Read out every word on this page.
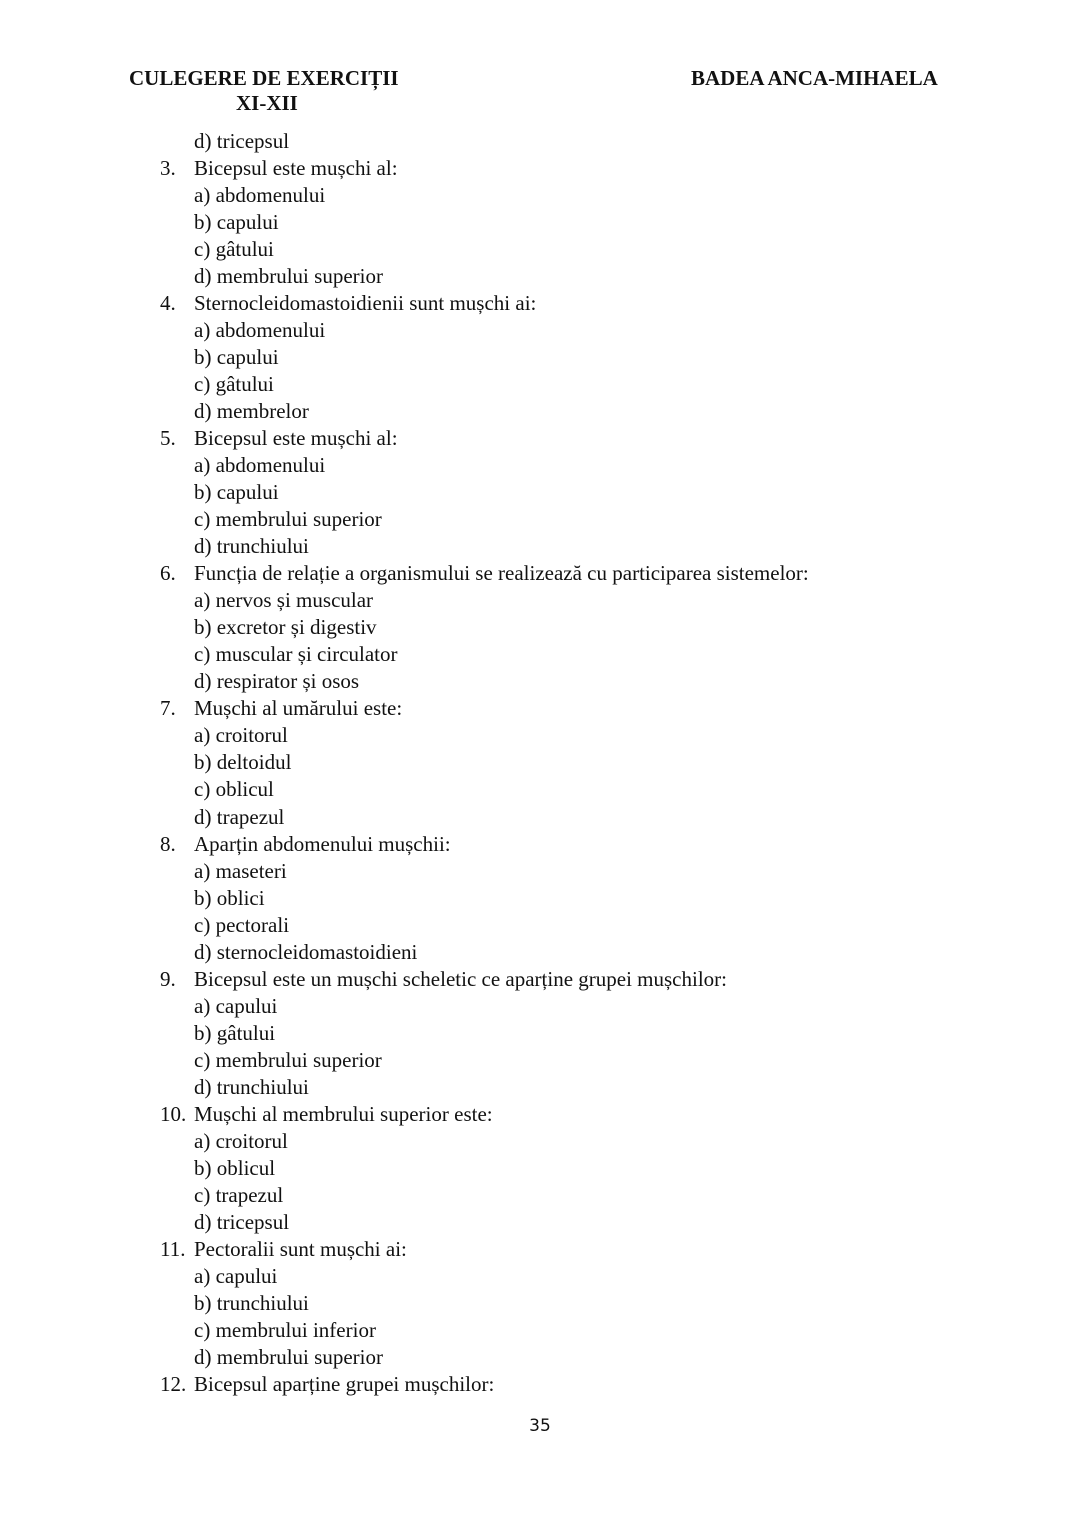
CULEGERE DE EXERCIȚII
XI-XII
BADEA ANCA-MIHAELA
d) tricepsul
3. Bicepsul este mușchi al:
a) abdomenului
b) capului
c) gâtului
d) membrului superior
4. Sternocleidomastoidienii sunt mușchi ai:
a) abdomenului
b) capului
c) gâtului
d) membrelor
5. Bicepsul este mușchi al:
a) abdomenului
b) capului
c) membrului superior
d) trunchiului
6. Funcția de relație a organismului se realizează cu participarea sistemelor:
a) nervos și muscular
b) excretor și digestiv
c) muscular și circulator
d) respirator și osos
7. Mușchi al umărului este:
a) croitorul
b) deltoidul
c) oblicul
d) trapezul
8. Aparțin abdomenului mușchii:
a) maseteri
b) oblici
c) pectorali
d) sternocleidomastoidieni
9. Bicepsul este un mușchi scheletic ce aparține grupei mușchilor:
a) capului
b) gâtului
c) membrului superior
d) trunchiului
10. Mușchi al membrului superior este:
a) croitorul
b) oblicul
c) trapezul
d) tricepsul
11. Pectoralii sunt mușchi ai:
a) capului
b) trunchiului
c) membrului inferior
d) membrului superior
12. Bicepsul aparține grupei mușchilor:
35
